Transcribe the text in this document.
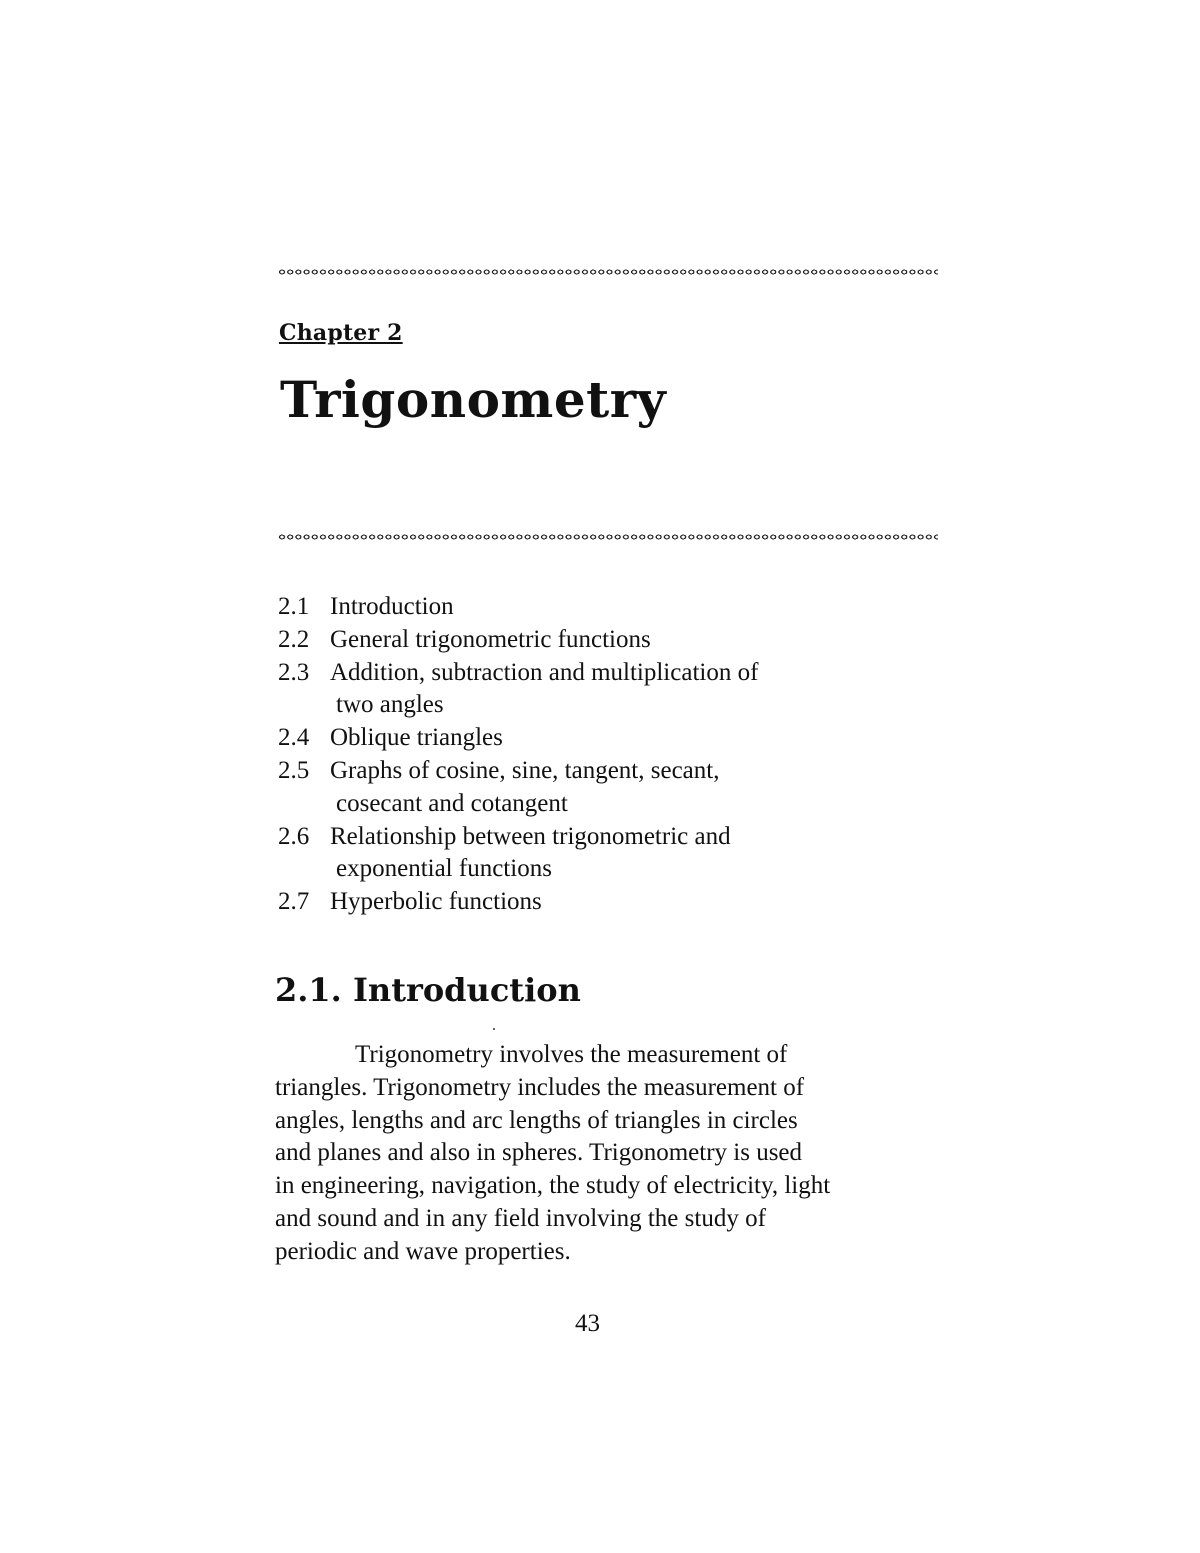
Chapter 2
Trigonometry
2.1 Introduction
2.2 General trigonometric functions
2.3 Addition, subtraction and multiplication of
two angles
2.4 Oblique triangles
2.5 Graphs of cosine, sine, tangent, secant,
cosecant and cotangent
2.6 Relationship between trigonometric and
exponential functions
2.7 Hyperbolic functions
2.1. Introduction

Trigonometry involves the measurement of
triangles. Trigonometry includes the measurement of
angles, lengths and arc lengths of triangles in circles
and planes and also in spheres. Trigonometry is used
in engineering, navigation, the study of electricity, light
and sound and in any field involving the study of
periodic and wave properties.

43
